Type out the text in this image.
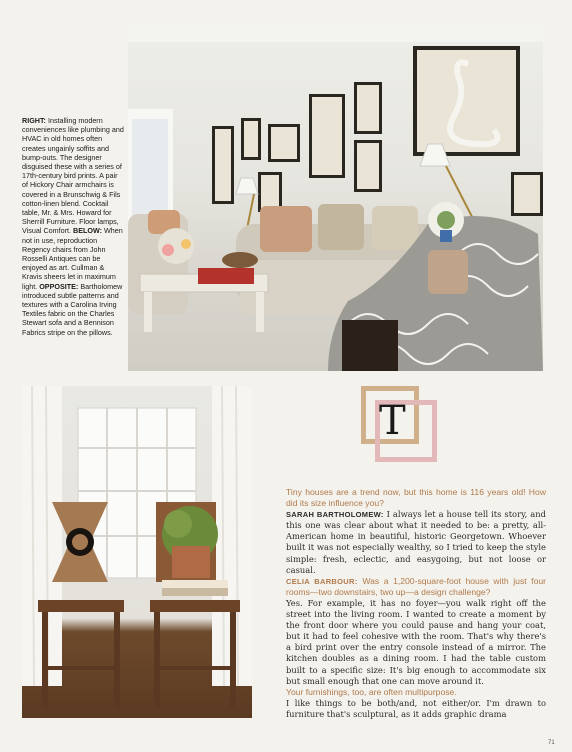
RIGHT: Installing modern conveniences like plumbing and HVAC in old homes often creates ungainly soffits and bump-outs. The designer disguised these with a series of 17th-century bird prints. A pair of Hickory Chair armchairs is covered in a Brunschwig & Fils cotton-linen blend. Cocktail table, Mr. & Mrs. Howard for Sherrill Furniture. Floor lamps, Visual Comfort. BELOW: When not in use, reproduction Regency chairs from John Rosselli Antiques can be enjoyed as art. Cullman & Kravis sheers let in maximum light. OPPOSITE: Bartholomew introduced subtle patterns and textures with a Carolina Irving Textiles fabric on the Charles Stewart sofa and a Bennison Fabrics stripe on the pillows.
T
Tiny houses are a trend now, but this home is 116 years old! How did its size influence you?
SARAH BARTHOLOMEW: I always let a house tell its story, and this one was clear about what it needed to be: a pretty, all-American home in beautiful, historic Georgetown. Whoever built it was not especially wealthy, so I tried to keep the style simple: fresh, eclectic, and easygoing, but not loose or casual.
CELIA BARBOUR: Was a 1,200-square-foot house with just four rooms—two downstairs, two up—a design challenge?
Yes. For example, it has no foyer—you walk right off the street into the living room. I wanted to create a moment by the front door where you could pause and hang your coat, but it had to feel cohesive with the room. That's why there's a bird print over the entry console instead of a mirror. The kitchen doubles as a dining room. I had the table custom built to a specific size: It's big enough to accommodate six but small enough that one can move around it.
Your furnishings, too, are often multipurpose.
I like things to be both/and, not either/or. I'm drawn to furniture that's sculptural, as it adds graphic drama
71
